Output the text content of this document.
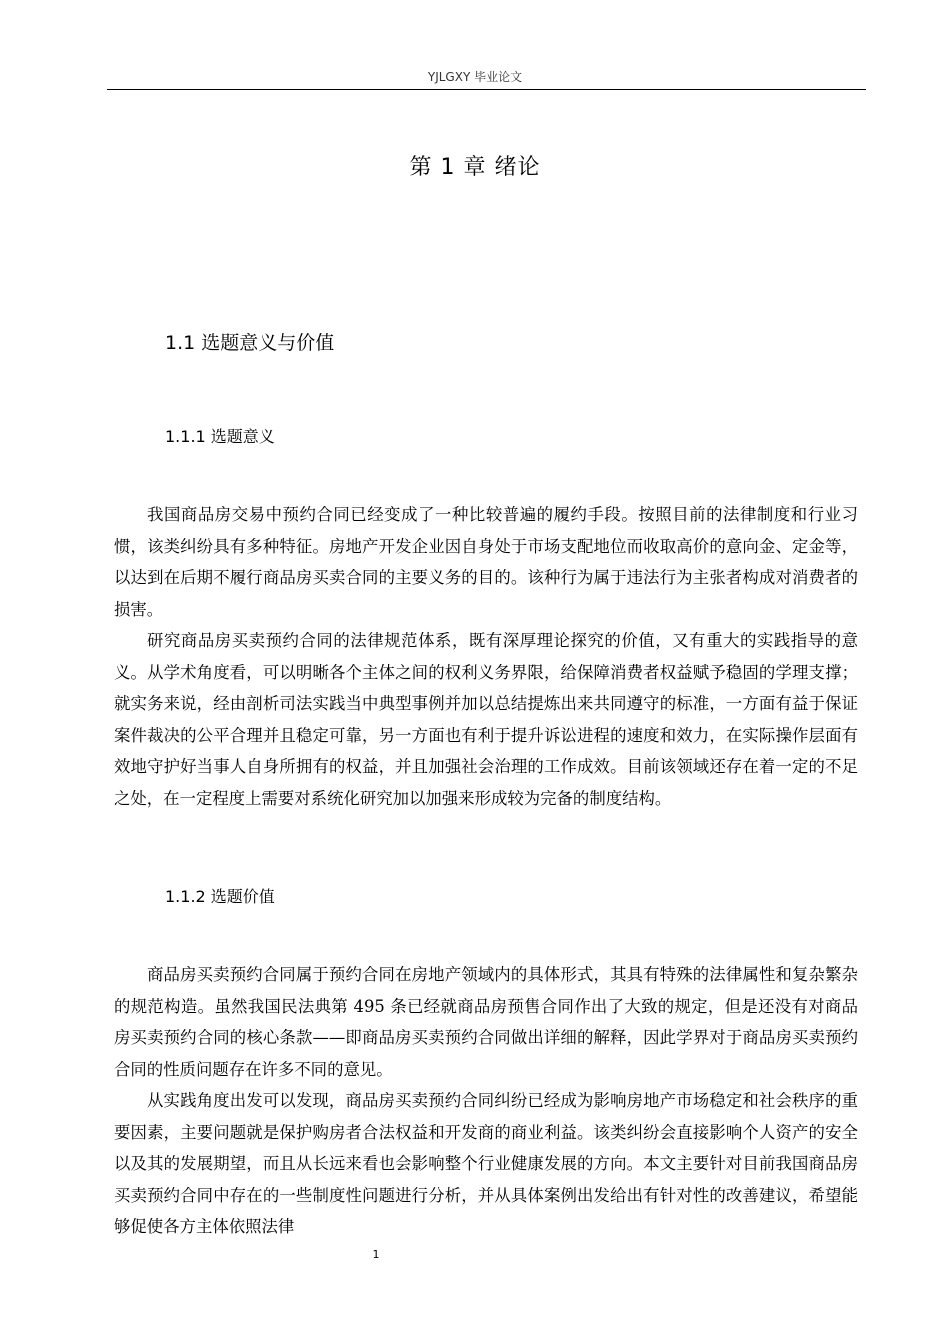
YJLGXY 毕业论文
第 1 章 绪论
1.1 选题意义与价值
1.1.1 选题意义

我国商品房交易中预约合同已经变成了一种比较普遍的履约手段。按照目前的法律制度和行业习惯，该类纠纷具有多种特征。房地产开发企业因自身处于市场支配地位而收取高价的意向金、定金等，以达到在后期不履行商品房买卖合同的主要义务的目的。该种行为属于违法行为主张者构成对消费者的损害。

研究商品房买卖预约合同的法律规范体系，既有深厚理论探究的价值，又有重大的实践指导的意义。从学术角度看，可以明晰各个主体之间的权利义务界限，给保障消费者权益赋予稳固的学理支撑；就实务来说，经由剖析司法实践当中典型事例并加以总结提炼出来共同遵守的标准，一方面有益于保证案件裁决的公平合理并且稳定可靠，另一方面也有利于提升诉讼进程的速度和效力，在实际操作层面有效地守护好当事人自身所拥有的权益，并且加强社会治理的工作成效。目前该领域还存在着一定的不足之处，在一定程度上需要对系统化研究加以加强来形成较为完备的制度结构。

1.1.2 选题价值

商品房买卖预约合同属于预约合同在房地产领域内的具体形式，其具有特殊的法律属性和复杂繁杂的规范构造。虽然我国民法典第 495 条已经就商品房预售合同作出了大致的规定，但是还没有对商品房买卖预约合同的核心条款——即商品房买卖预约合同做出详细的解释，因此学界对于商品房买卖预约合同的性质问题存在许多不同的意见。

从实践角度出发可以发现，商品房买卖预约合同纠纷已经成为影响房地产市场稳定和社会秩序的重要因素，主要问题就是保护购房者合法权益和开发商的商业利益。该类纠纷会直接影响个人资产的安全以及其的发展期望，而且从长远来看也会影响整个行业健康发展的方向。本文主要针对目前我国商品房买卖预约合同中存在的一些制度性问题进行分析，并从具体案例出发给出有针对性的改善建议，希望能够促使各方主体依照法律

1
